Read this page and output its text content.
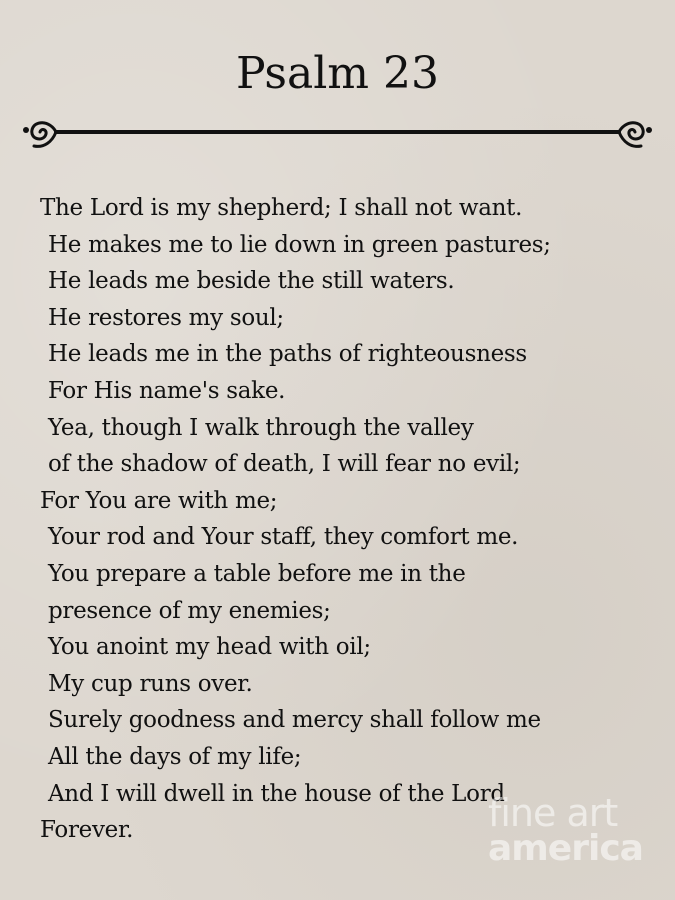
Psalm 23
The Lord is my shepherd; I shall not want.
He makes me to lie down in green pastures;
He leads me beside the still waters.
He restores my soul;
He leads me in the paths of righteousness
For His name's sake.
Yea, though I walk through the valley
of the shadow of death, I will fear no evil;
For You are with me;
Your rod and Your staff, they comfort me.
You prepare a table before me in the
presence of my enemies;
You anoint my head with oil;
My cup runs over.
Surely goodness and mercy shall follow me
All the days of my life;
And I will dwell in the house of the Lord
Forever.	fine art
america
